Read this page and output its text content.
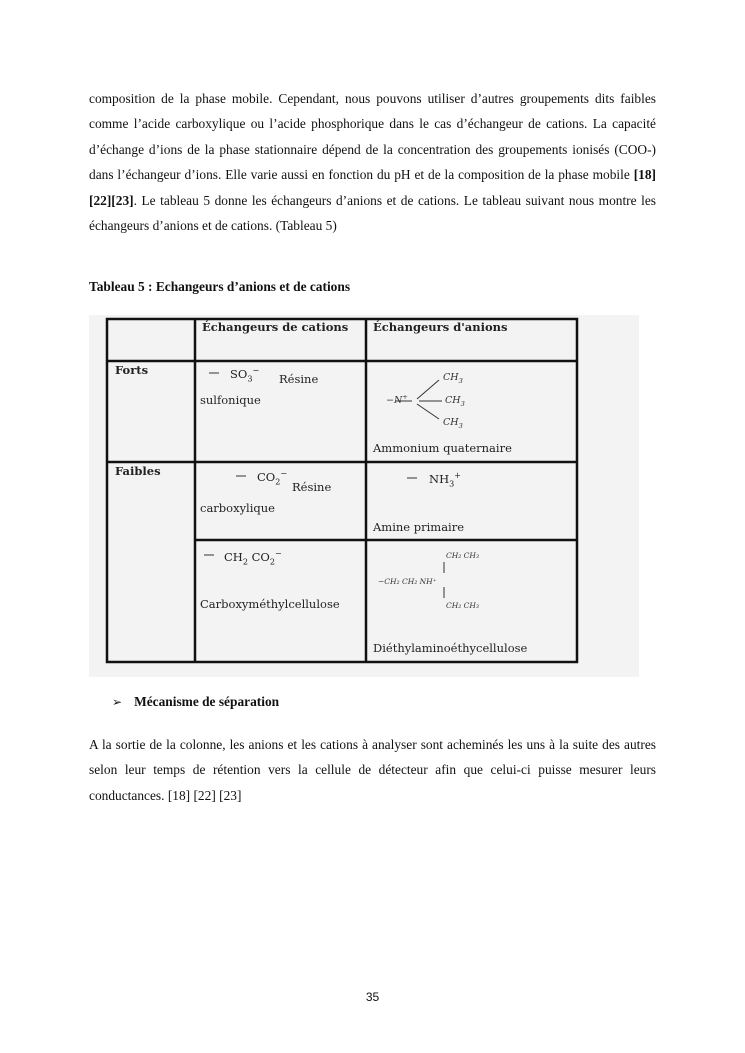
composition de la phase mobile. Cependant, nous pouvons utiliser d’autres groupements dits faibles comme l’acide carboxylique ou l’acide phosphorique dans le cas d’échangeur de cations. La capacité d’échange d’ions de la phase stationnaire dépend de la concentration des groupements ionisés (COO-) dans l’échangeur d’ions. Elle varie aussi en fonction du pH et de la composition de la phase mobile [18][22][23]. Le tableau 5 donne les échangeurs d’anions et de cations. Le tableau suivant nous montre les échangeurs d’anions et de cations. (Tableau 5)

Tableau 5 : Echangeurs d’anions et de cations

Échangeurs de cations Échangeurs d'anions
Forts
Faibles
$SO_3^-$
Résine
sulfonique	−N+
$CH_3$
$CH_3$
$CH_3$
Ammonium quaternaire
$CO_2^-$
Résine
carboxylique
$NH_3^+$
Amine primaire
$CH_2$ $CO_2^-$
Carboxyméthylcellulose
CH₂ CH₃
−CH₂ CH₂ NH⁺
CH₂ CH₃
Diéthylaminoéthycellulose

➢ Mécanisme de séparation

A la sortie de la colonne, les anions et les cations à analyser sont acheminés les uns à la suite des autres selon leur temps de rétention vers la cellule de détecteur afin que celui-ci puisse mesurer leurs conductances. [18] [22] [23]

35
